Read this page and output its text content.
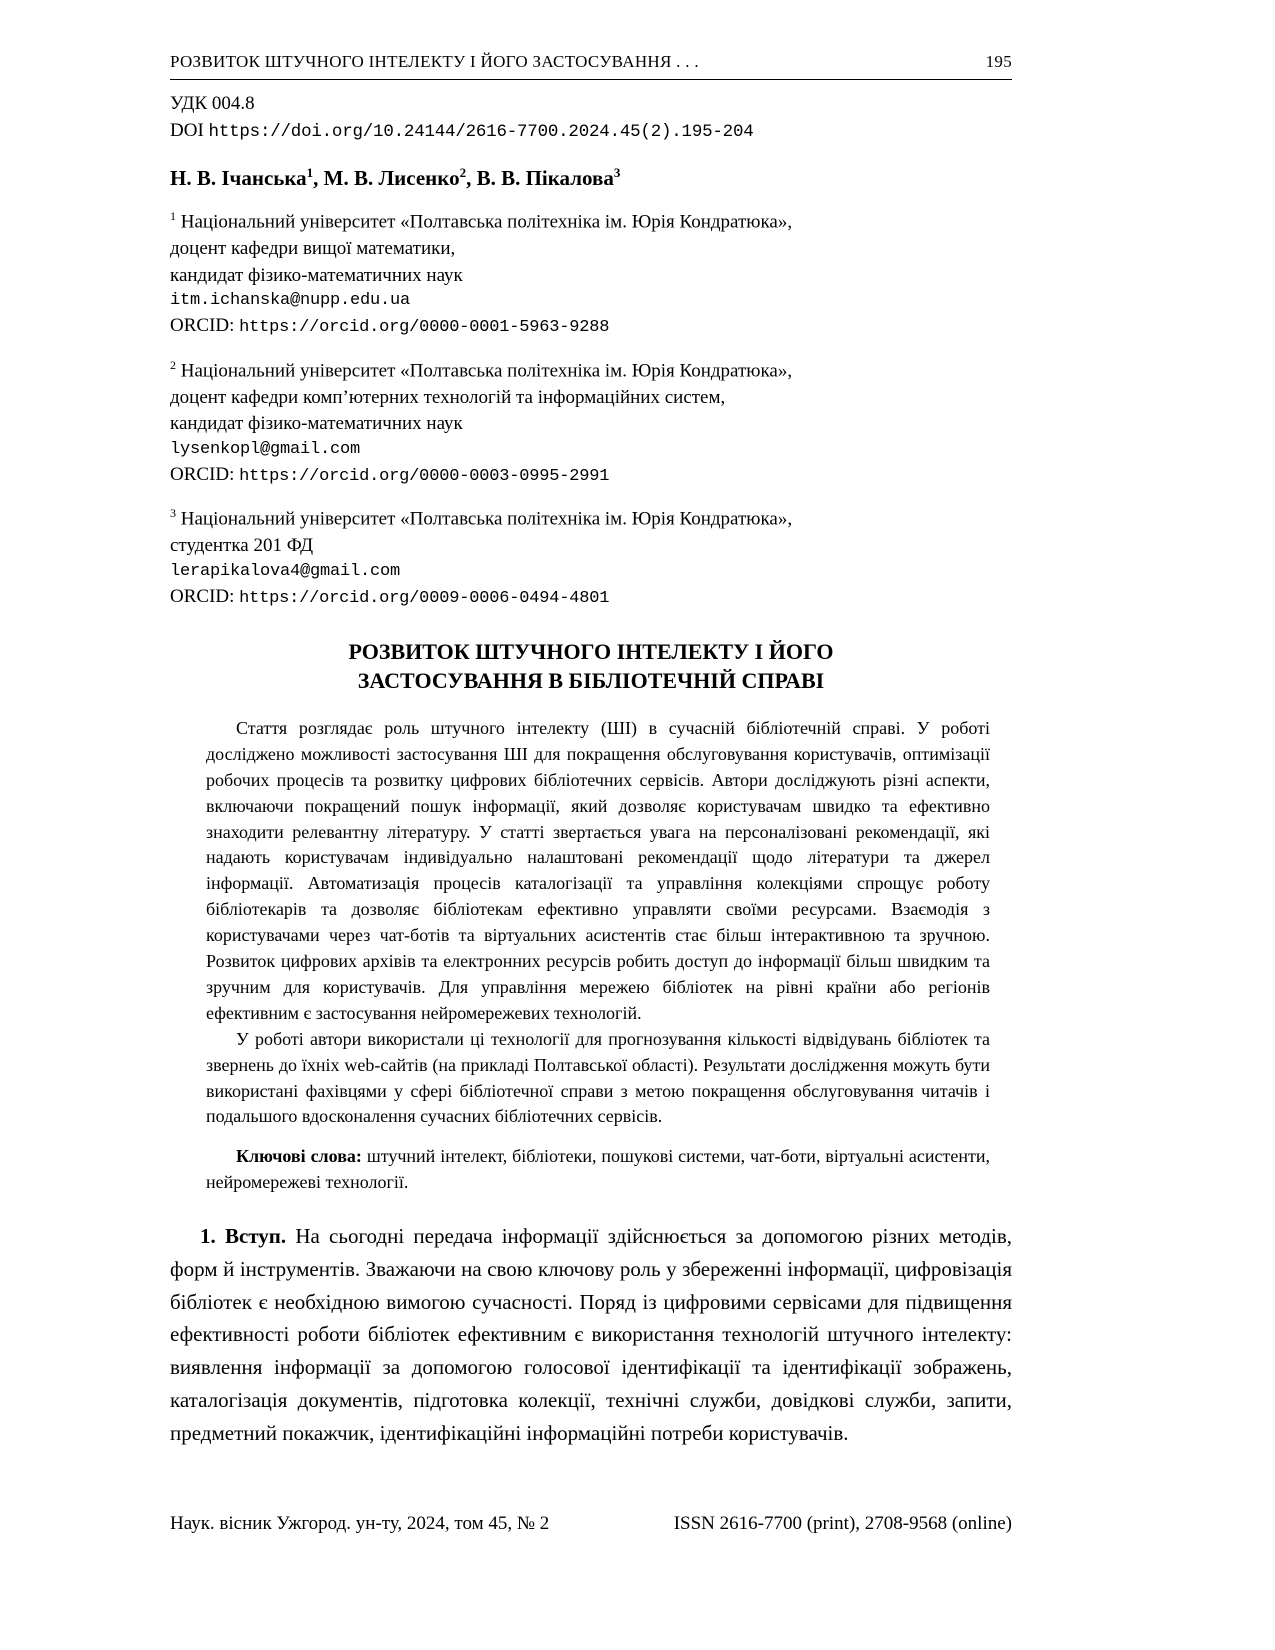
РОЗВИТОК ШТУЧНОГО ІНТЕЛЕКТУ І ЙОГО ЗАСТОСУВАННЯ . . .	195
УДК 004.8
DOI https://doi.org/10.24144/2616-7700.2024.45(2).195-204
Н. В. Ічанська$^1$, М. В. Лисенко$^2$, В. В. Пікалова$^3$
$^1$ Національний університет «Полтавська політехніка ім. Юрія Кондратюка»,
доцент кафедри вищої математики,
кандидат фізико-математичних наук
itm.ichanska@nupp.edu.ua
ORCID: https://orcid.org/0000-0001-5963-9288
$^2$ Національний університет «Полтавська політехніка ім. Юрія Кондратюка»,
доцент кафедри комп’ютерних технологій та інформаційних систем,
кандидат фізико-математичних наук
lysenkopl@gmail.com
ORCID: https://orcid.org/0000-0003-0995-2991
$^3$ Національний університет «Полтавська політехніка ім. Юрія Кондратюка»,
студентка 201 ФД
lerapikalova4@gmail.com
ORCID: https://orcid.org/0009-0006-0494-4801
РОЗВИТОК ШТУЧНОГО ІНТЕЛЕКТУ І ЙОГО
ЗАСТОСУВАННЯ В БІБЛІОТЕЧНІЙ СПРАВІ

Стаття розглядає роль штучного інтелекту (ШІ) в сучасній бібліотечній справі. У роботі досліджено можливості застосування ШІ для покращення обслуговування користувачів, оптимізації робочих процесів та розвитку цифрових бібліотечних сервісів. Автори досліджують різні аспекти, включаючи покращений пошук інформації, який дозволяє користувачам швидко та ефективно знаходити релевантну літературу. У статті звертається увага на персоналізовані рекомендації, які надають користувачам індивідуально налаштовані рекомендації щодо літератури та джерел інформації. Автоматизація процесів каталогізації та управління колекціями спрощує роботу бібліотекарів та дозволяє бібліотекам ефективно управляти своїми ресурсами. Взаємодія з користувачами через чат-ботів та віртуальних асистентів стає більш інтерактивною та зручною. Розвиток цифрових архівів та електронних ресурсів робить доступ до інформації більш швидким та зручним для користувачів. Для управління мережею бібліотек на рівні країни або регіонів ефективним є застосування нейромережевих технологій.

У роботі автори використали ці технології для прогнозування кількості відвідувань бібліотек та звернень до їхніх web-сайтів (на прикладі Полтавської області). Результати дослідження можуть бути використані фахівцями у сфері бібліотечної справи з метою покращення обслуговування читачів і подальшого вдосконалення сучасних бібліотечних сервісів.

Ключові слова: штучний інтелект, бібліотеки, пошукові системи, чат-боти, віртуальні асистенти, нейромережеві технології.
1. Вступ. На сьогодні передача інформації здійснюється за допомогою різних методів, форм й інструментів. Зважаючи на свою ключову роль у збереженні інформації, цифровізація бібліотек є необхідною вимогою сучасності. Поряд із цифровими сервісами для підвищення ефективності роботи бібліотек ефективним є використання технологій штучного інтелекту: виявлення інформації за допомогою голосової ідентифікації та ідентифікації зображень, каталогізація документів, підготовка колекції, технічні служби, довідкові служби, запити, предметний покажчик, ідентифікаційні інформаційні потреби користувачів.
Наук. вісник Ужгород. ун-ту, 2024, том 45, № 2	ISSN 2616-7700 (print), 2708-9568 (online)
